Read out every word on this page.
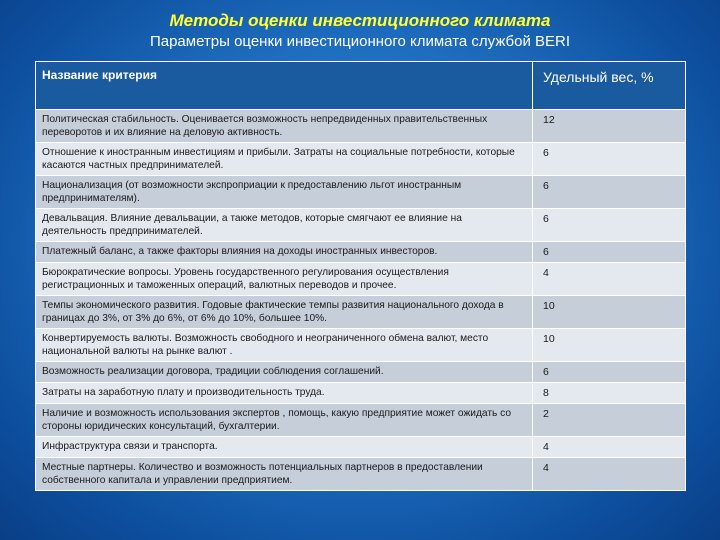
Методы оценки инвестиционного климата
Параметры оценки инвестиционного климата службой BERI
Название критерия	Удельный вес, %
Политическая стабильность. Оценивается возможность непредвиденных правительственных переворотов и их влияние на деловую активность.	12
Отношение к иностранным инвестициям и прибыли. Затраты на социальные потребности, которые касаются частных предпринимателей.	6
Национализация (от возможности экспроприации к предоставлению льгот иностранным предпринимателям).	6
Девальвация. Влияние девальвации, а также методов, которые смягчают ее влияние на деятельность предпринимателей.	6
Платежный баланс, а также факторы влияния на доходы иностранных инвесторов.	6
Бюрократические вопросы. Уровень государственного регулирования осуществления регистрационных и таможенных операций, валютных переводов и прочее.	4
Темпы экономического развития. Годовые фактические темпы развития национального дохода в границах до 3%, от 3% до 6%, от 6% до 10%, большее 10%.	10
Конвертируемость валюты. Возможность свободного и неограниченного обмена валют, место национальной валюты на рынке валют .	10
Возможность реализации договора, традиции соблюдения соглашений.	6
Затраты на заработную плату и производительность труда.	8
Наличие и возможность использования экспертов , помощь, какую предприятие может ожидать со стороны юридических консультаций, бухгалтерии.	2
Инфраструктура связи и транспорта.	4
Местные партнеры. Количество и возможность потенциальных партнеров в предоставлении собственного капитала и управлении предприятием.	4
